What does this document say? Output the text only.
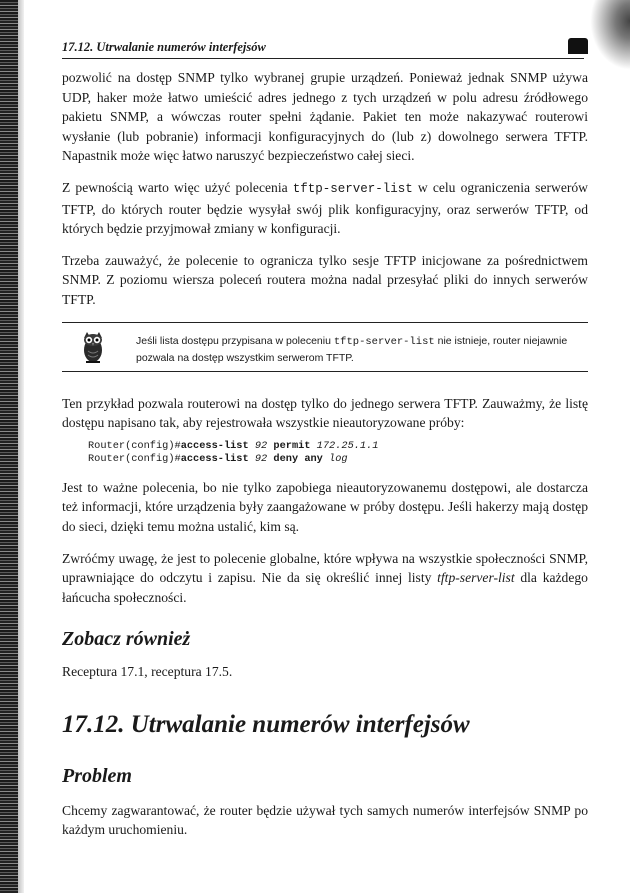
17.12. Utrwalanie numerów interfejsów

pozwolić na dostęp SNMP tylko wybranej grupie urządzeń. Ponieważ jednak SNMP używa UDP, haker może łatwo umieścić adres jednego z tych urządzeń w polu adresu źródłowego pakietu SNMP, a wówczas router spełni żądanie. Pakiet ten może nakazywać routerowi wysłanie (lub pobranie) informacji konfiguracyjnych do (lub z) dowolnego serwera TFTP. Napastnik może więc łatwo naruszyć bezpieczeństwo całej sieci.

Z pewnością warto więc użyć polecenia tftp-server-list w celu ograniczenia serwerów TFTP, do których router będzie wysyłał swój plik konfiguracyjny, oraz serwerów TFTP, od których będzie przyjmował zmiany w konfiguracji.

Trzeba zauważyć, że polecenie to ogranicza tylko sesje TFTP inicjowane za pośrednictwem SNMP. Z poziomu wiersza poleceń routera można nadal przesyłać pliki do innych serwerów TFTP.

Jeśli lista dostępu przypisana w poleceniu tftp-server-list nie istnieje, router niejawnie pozwala na dostęp wszystkim serwerom TFTP.

Ten przykład pozwala routerowi na dostęp tylko do jednego serwera TFTP. Zauważmy, że listę dostępu napisano tak, aby rejestrowała wszystkie nieautoryzowane próby:

Router(config)#access-list 92 permit 172.25.1.1
Router(config)#access-list 92 deny any log

Jest to ważne polecenia, bo nie tylko zapobiega nieautoryzowanemu dostępowi, ale dostarcza też informacji, które urządzenia były zaangażowane w próby dostępu. Jeśli hakerzy mają dostęp do sieci, dzięki temu można ustalić, kim są.

Zwróćmy uwagę, że jest to polecenie globalne, które wpływa na wszystkie społeczności SNMP, uprawniające do odczytu i zapisu. Nie da się określić innej listy tftp-server-list dla każdego łańcucha społeczności.

Zobacz również

Receptura 17.1, receptura 17.5.

17.12. Utrwalanie numerów interfejsów
Problem

Chcemy zagwarantować, że router będzie używał tych samych numerów interfejsów SNMP po każdym uruchomieniu.
